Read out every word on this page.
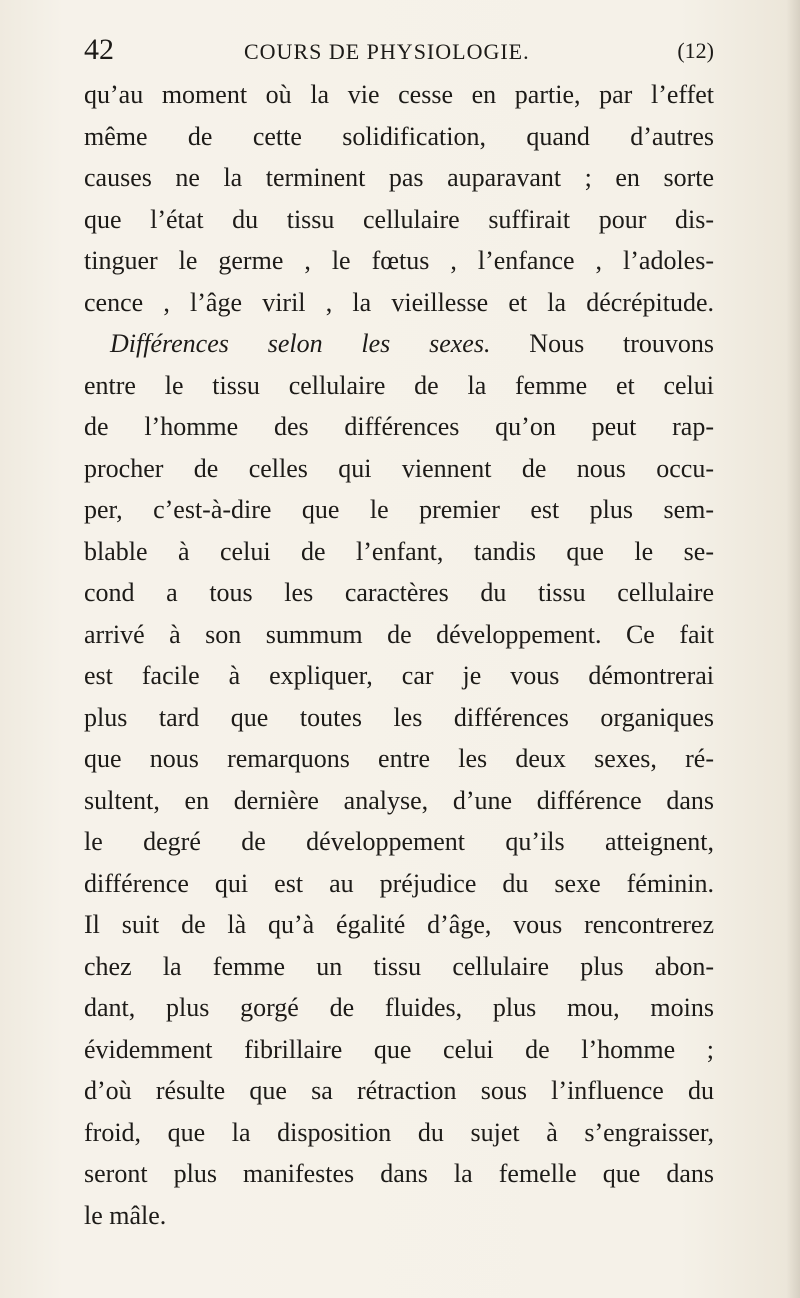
42	COURS DE PHYSIOLOGIE.	(12)
qu’au moment où la vie cesse en partie, par l’effet
même de cette solidification, quand d’autres
causes ne la terminent pas auparavant ; en sorte
que l’état du tissu cellulaire suffirait pour dis-
tinguer le germe , le fœtus , l’enfance , l’adoles-
cence , l’âge viril , la vieillesse et la décrépitude.
Différences selon les sexes. Nous trouvons
entre le tissu cellulaire de la femme et celui
de l’homme des différences qu’on peut rap-
procher de celles qui viennent de nous occu-
per, c’est-à-dire que le premier est plus sem-
blable à celui de l’enfant, tandis que le se-
cond a tous les caractères du tissu cellulaire
arrivé à son summum de développement. Ce fait
est facile à expliquer, car je vous démontrerai
plus tard que toutes les différences organiques
que nous remarquons entre les deux sexes, ré-
sultent, en dernière analyse, d’une différence dans
le degré de développement qu’ils atteignent,
différence qui est au préjudice du sexe féminin.
Il suit de là qu’à égalité d’âge, vous rencontrerez
chez la femme un tissu cellulaire plus abon-
dant, plus gorgé de fluides, plus mou, moins
évidemment fibrillaire que celui de l’homme ;
d’où résulte que sa rétraction sous l’influence du
froid, que la disposition du sujet à s’engraisser,
seront plus manifestes dans la femelle que dans
le mâle.
